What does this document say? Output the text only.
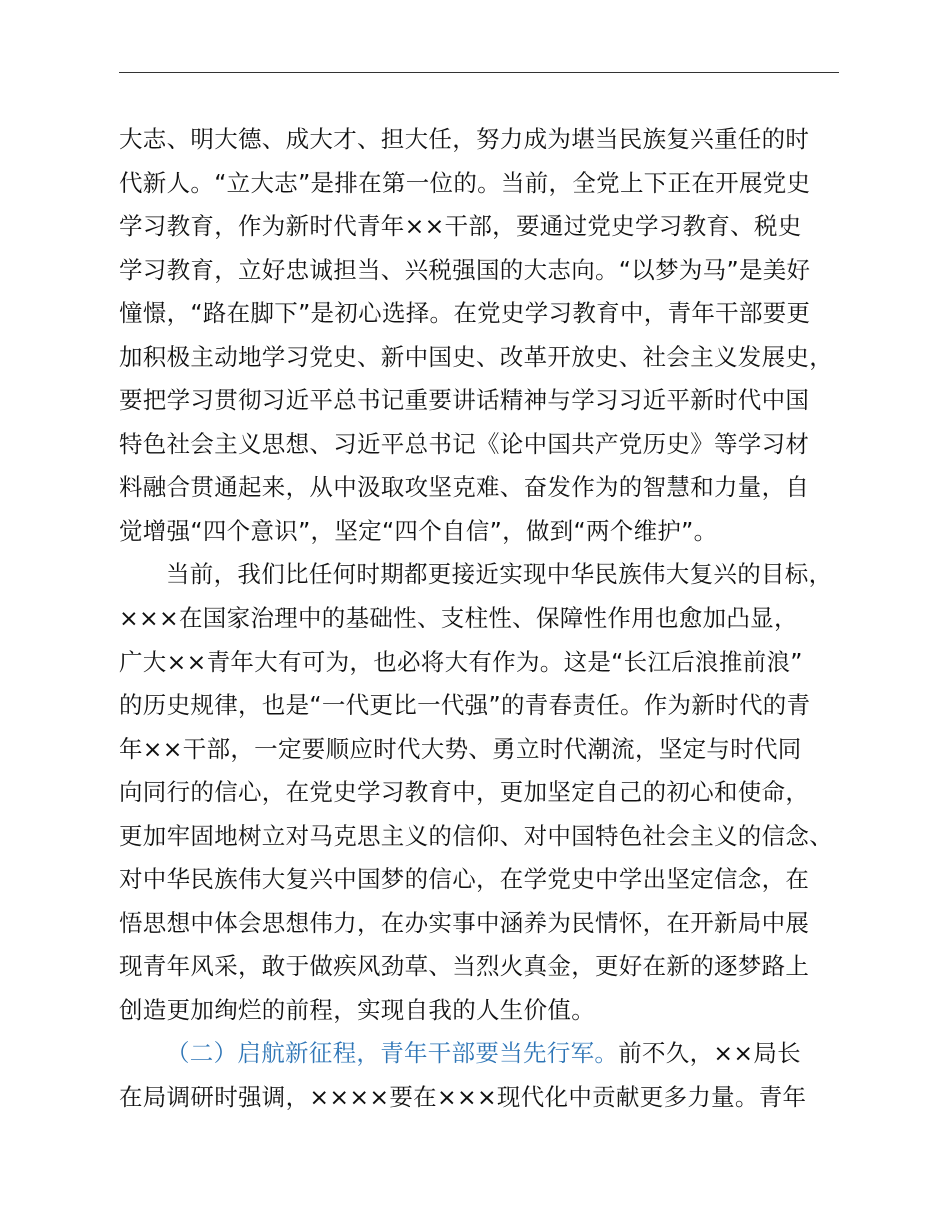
大志、明大德、成大才、担大任，努力成为堪当民族复兴重任的时
代新人。“立大志”是排在第一位的。当前，全党上下正在开展党史
学习教育，作为新时代青年××干部，要通过党史学习教育、税史
学习教育，立好忠诚担当、兴税强国的大志向。“以梦为马”是美好
憧憬，“路在脚下”是初心选择。在党史学习教育中，青年干部要更
加积极主动地学习党史、新中国史、改革开放史、社会主义发展史，
要把学习贯彻习近平总书记重要讲话精神与学习习近平新时代中国
特色社会主义思想、习近平总书记《论中国共产党历史》等学习材
料融合贯通起来，从中汲取攻坚克难、奋发作为的智慧和力量，自
觉增强“四个意识”，坚定“四个自信”，做到“两个维护”。
当前，我们比任何时期都更接近实现中华民族伟大复兴的目标，
×××在国家治理中的基础性、支柱性、保障性作用也愈加凸显，
广大××青年大有可为，也必将大有作为。这是“长江后浪推前浪”
的历史规律，也是“一代更比一代强”的青春责任。作为新时代的青
年××干部，一定要顺应时代大势、勇立时代潮流，坚定与时代同
向同行的信心，在党史学习教育中，更加坚定自己的初心和使命，
更加牢固地树立对马克思主义的信仰、对中国特色社会主义的信念、
对中华民族伟大复兴中国梦的信心，在学党史中学出坚定信念，在
悟思想中体会思想伟力，在办实事中涵养为民情怀，在开新局中展
现青年风采，敢于做疾风劲草、当烈火真金，更好在新的逐梦路上
创造更加绚烂的前程，实现自我的人生价值。
（二）启航新征程，青年干部要当先行军。前不久，××局长
在局调研时强调，××××要在×××现代化中贡献更多力量。青年
